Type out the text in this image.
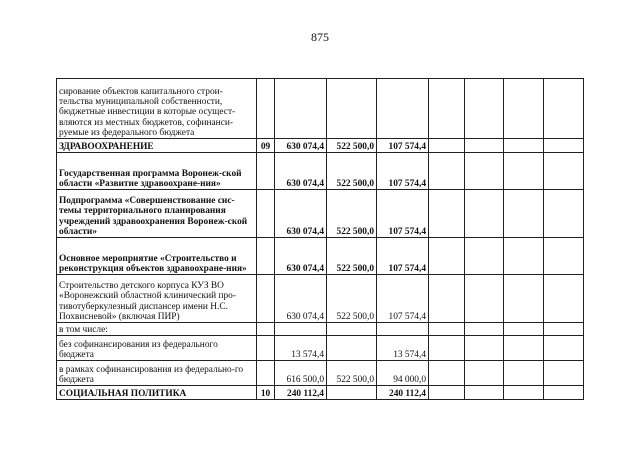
875
сирование объектов капитального строи-тельства муниципальной собственности, бюджетные инвестиции в которые осущест-вляются из местных бюджетов, софинанси-руемые из федерального бюджета								
ЗДРАВООХРАНЕНИЕ	09	630 074,4	522 500,0	107 574,4				
Государственная программа Воронеж-ской области «Развитие здравоохране-ния»		630 074,4	522 500,0	107 574,4				
Подпрограмма «Совершенствование сис-темы территориального планирования учреждений здравоохранения Воронеж-ской области»		630 074,4	522 500,0	107 574,4				
Основное мероприятие «Строительство и реконструкция объектов здравоохране-ния»		630 074,4	522 500,0	107 574,4				
Строительство детского корпуса КУЗ ВО «Воронежский областной клинический про-тивотуберкулезный диспансер имени Н.С. Похвисневой» (включая ПИР)		630 074,4	522 500,0	107 574,4				
в том числе:								
без софинансирования из федерального бюджета		13 574,4		13 574,4				
в рамках софинансирования из федерально-го бюджета		616 500,0	522 500,0	94 000,0				
СОЦИАЛЬНАЯ ПОЛИТИКА	10	240 112,4		240 112,4				
